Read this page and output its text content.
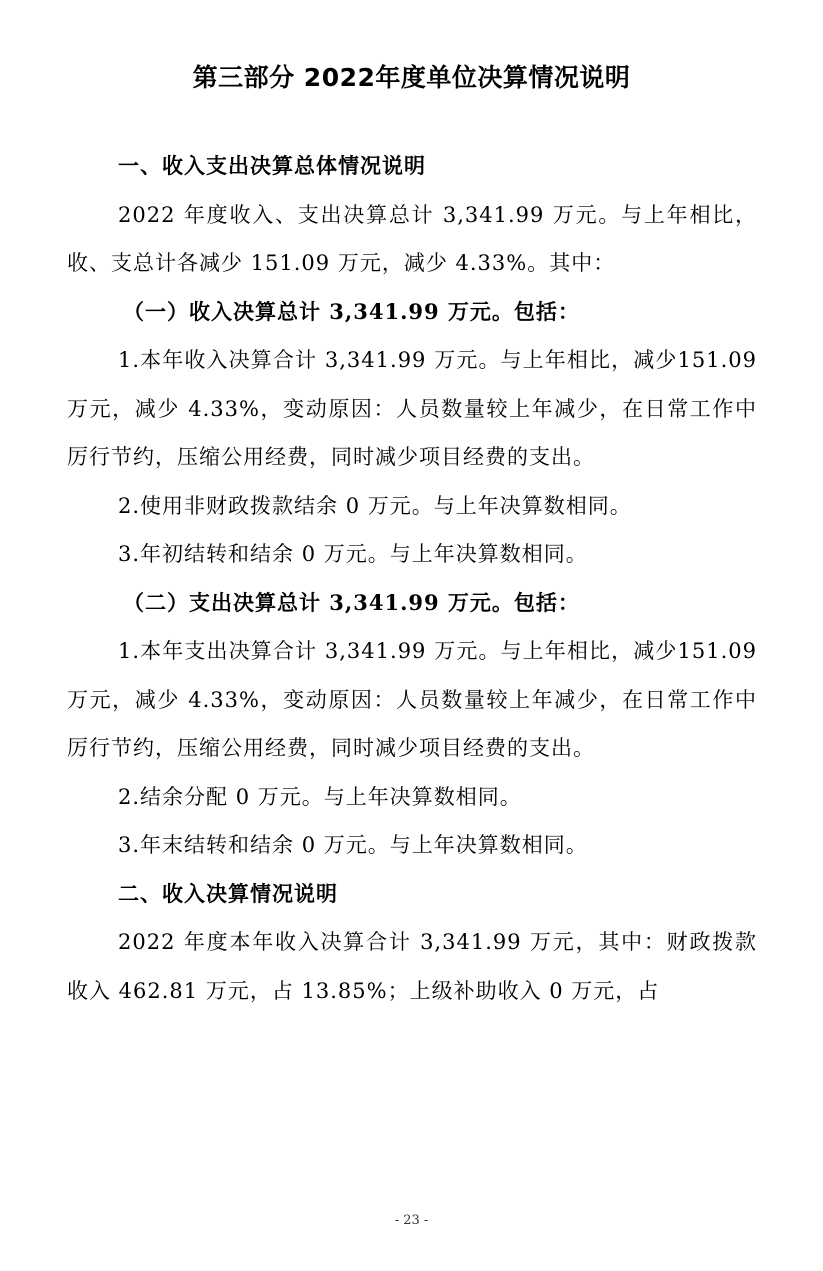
第三部分 2022年度单位决算情况说明

一、收入支出决算总体情况说明

2022 年度收入、支出决算总计 3,341.99 万元。与上年相比，收、支总计各减少 151.09 万元，减少 4.33%。其中：

（一）收入决算总计 3,341.99 万元。包括：

1.本年收入决算合计 3,341.99 万元。与上年相比，减少151.09 万元，减少 4.33%，变动原因：人员数量较上年减少，在日常工作中厉行节约，压缩公用经费，同时减少项目经费的支出。

2.使用非财政拨款结余 0 万元。与上年决算数相同。

3.年初结转和结余 0 万元。与上年决算数相同。

（二）支出决算总计 3,341.99 万元。包括：

1.本年支出决算合计 3,341.99 万元。与上年相比，减少151.09 万元，减少 4.33%，变动原因：人员数量较上年减少，在日常工作中厉行节约，压缩公用经费，同时减少项目经费的支出。

2.结余分配 0 万元。与上年决算数相同。

3.年末结转和结余 0 万元。与上年决算数相同。

二、收入决算情况说明

2022 年度本年收入决算合计 3,341.99 万元，其中：财政拨款收入 462.81 万元，占 13.85%；上级补助收入 0 万元，占

- 23 -
